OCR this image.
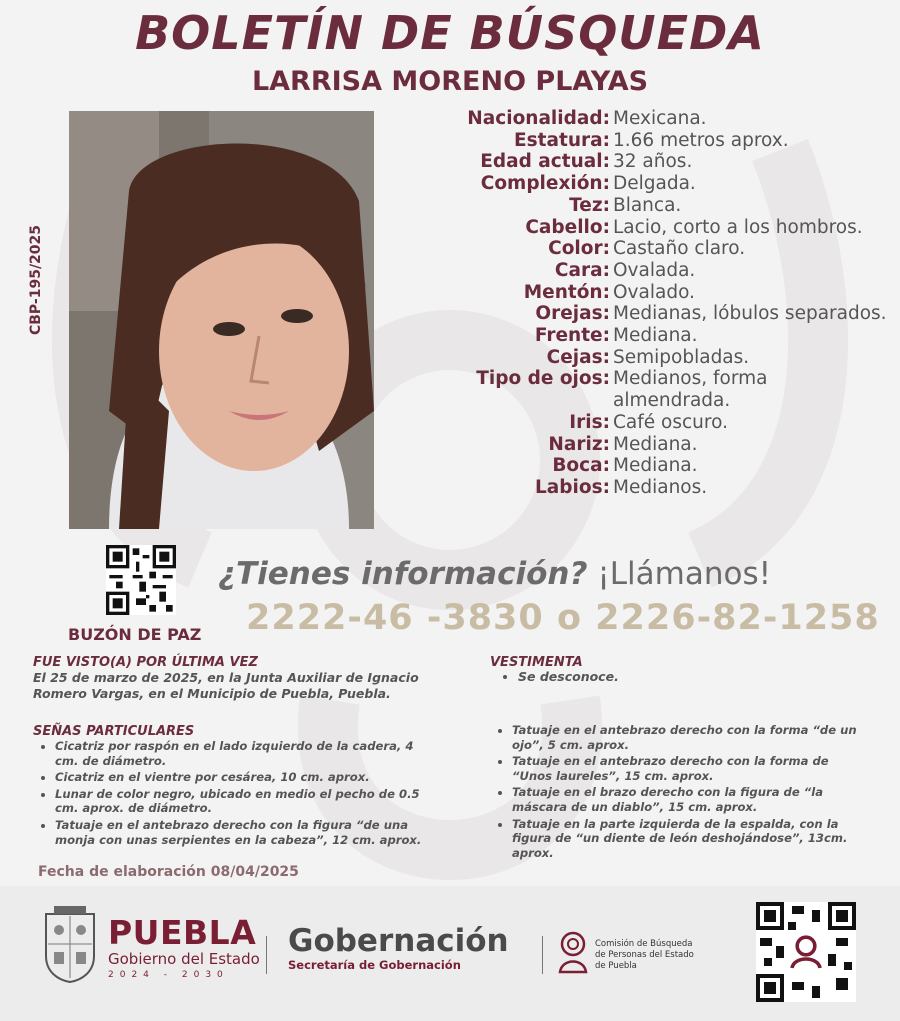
BOLETÍN DE BÚSQUEDA
LARRISA MORENO PLAYAS
CBP-195/2025
Nacionalidad: Mexicana.
Estatura: 1.66 metros aprox.
Edad actual: 32 años.
Complexión: Delgada.
Tez: Blanca.
Cabello: Lacio, corto a los hombros.
Color: Castaño claro.
Cara: Ovalada.
Mentón: Ovalado.
Orejas: Medianas, lóbulos separados.
Frente: Mediana.
Cejas: Semipobladas.
Tipo de ojos: Medianos, forma almendrada.
Iris: Café oscuro.
Nariz: Mediana.
Boca: Mediana.
Labios: Medianos.
BUZÓN DE PAZ
¿Tienes información? ¡Llámanos!
2222-46 -3830 o 2226-82-1258
FUE VISTO(A) POR ÚLTIMA VEZ
El 25 de marzo de 2025, en la Junta Auxiliar de Ignacio Romero Vargas, en el Municipio de Puebla, Puebla.
SEÑAS PARTICULARES
• Cicatriz por raspón en el lado izquierdo de la cadera, 4 cm. de diámetro.
• Cicatriz en el vientre por cesárea, 10 cm. aprox.
• Lunar de color negro, ubicado en medio el pecho de 0.5 cm. aprox. de diámetro.
• Tatuaje en el antebrazo derecho con la figura “de una monja con unas serpientes en la cabeza”, 12 cm. aprox.
Fecha de elaboración 08/04/2025
VESTIMENTA
• Se desconoce.
• Tatuaje en el antebrazo derecho con la forma “de un ojo”, 5 cm. aprox.
• Tatuaje en el antebrazo derecho con la forma de “Unos laureles”, 15 cm. aprox.
• Tatuaje en el brazo derecho con la figura de “la máscara de un diablo”, 15 cm. aprox.
• Tatuaje en la parte izquierda de la espalda, con la figura de “un diente de león deshojándose”, 13cm. aprox.
PUEBLA
Gobierno del Estado
2024 - 2030
Gobernación
Secretaría de Gobernación
Comisión de Búsqueda
de Personas del Estado
de Puebla
